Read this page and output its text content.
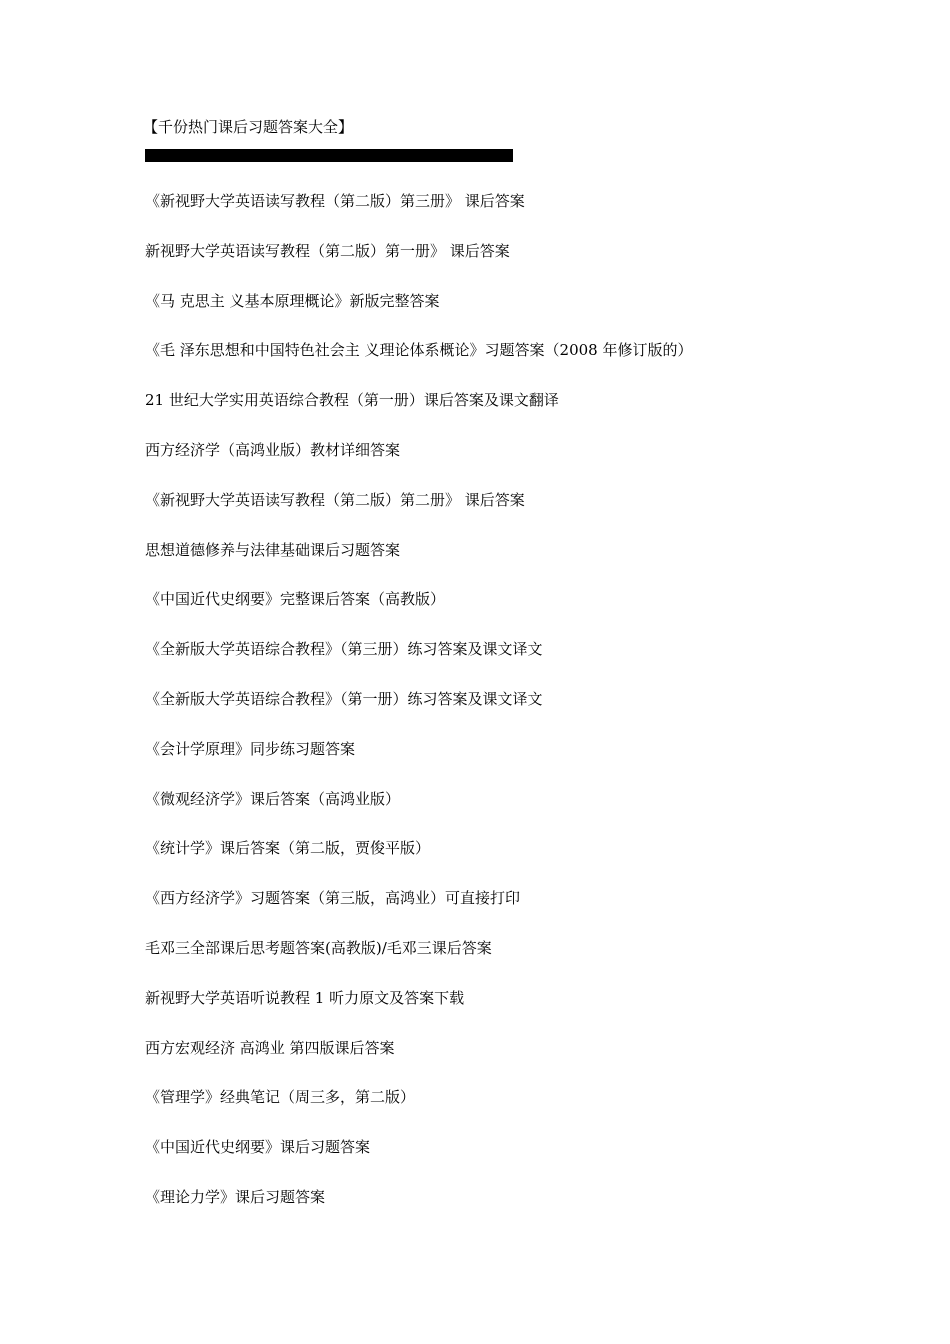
【千份热门课后习题答案大全】
《新视野大学英语读写教程（第二版）第三册》 课后答案
新视野大学英语读写教程（第二版）第一册》 课后答案
《马 克思主 义基本原理概论》新版完整答案
《毛 泽东思想和中国特色社会主 义理论体系概论》习题答案（2008 年修订版的）
21 世纪大学实用英语综合教程（第一册）课后答案及课文翻译
西方经济学（高鸿业版）教材详细答案
《新视野大学英语读写教程（第二版）第二册》 课后答案
思想道德修养与法律基础课后习题答案
《中国近代史纲要》完整课后答案（高教版）
《全新版大学英语综合教程》（第三册）练习答案及课文译文
《全新版大学英语综合教程》（第一册）练习答案及课文译文
《会计学原理》同步练习题答案
《微观经济学》课后答案（高鸿业版）
《统计学》课后答案（第二版，贾俊平版）
《西方经济学》习题答案（第三版，高鸿业）可直接打印
毛邓三全部课后思考题答案(高教版)/毛邓三课后答案
新视野大学英语听说教程 1 听力原文及答案下载
西方宏观经济 高鸿业 第四版课后答案
《管理学》经典笔记（周三多，第二版）
《中国近代史纲要》课后习题答案
《理论力学》课后习题答案
